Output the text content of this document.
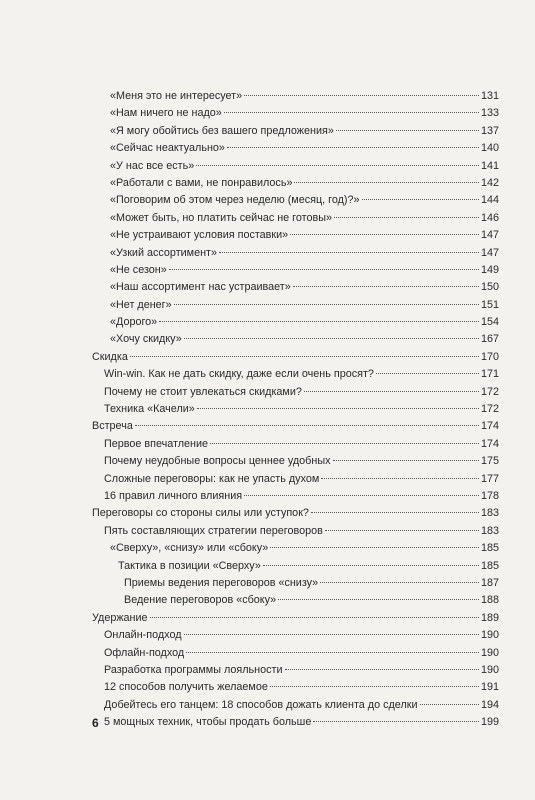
«Меня это не интересует»	131
«Нам ничего не надо»	133
«Я могу обойтись без вашего предложения»	137
«Сейчас неактуально»	140
«У нас все есть»	141
«Работали с вами, не понравилось»	142
«Поговорим об этом через неделю (месяц, год)?»	144
«Может быть, но платить сейчас не готовы»	146
«Не устраивают условия поставки»	147
«Узкий ассортимент»	147
«Не сезон»	149
«Наш ассортимент нас устраивает»	150
«Нет денег»	151
«Дорого»	154
«Хочу скидку»	167
Скидка	170
Win-win. Как не дать скидку, даже если очень просят?	171
Почему не стоит увлекаться скидками?	172
Техника «Качели»	172
Встреча	174
Первое впечатление	174
Почему неудобные вопросы ценнее удобных	175
Сложные переговоры: как не упасть духом	177
16 правил личного влияния	178
Переговоры со стороны силы или уступок?	183
Пять составляющих стратегии переговоров	183
«Сверху», «снизу» или «сбоку»	185
Тактика в позиции «Сверху»	185
Приемы ведения переговоров «снизу»	187
Ведение переговоров «сбоку»	188
Удержание	189
Онлайн-подход	190
Офлайн-подход	190
Разработка программы лояльности	190
12 способов получить желаемое	191
Добейтесь его танцем: 18 способов дожать клиента до сделки	194
5 мощных техник, чтобы продать больше	199
6
